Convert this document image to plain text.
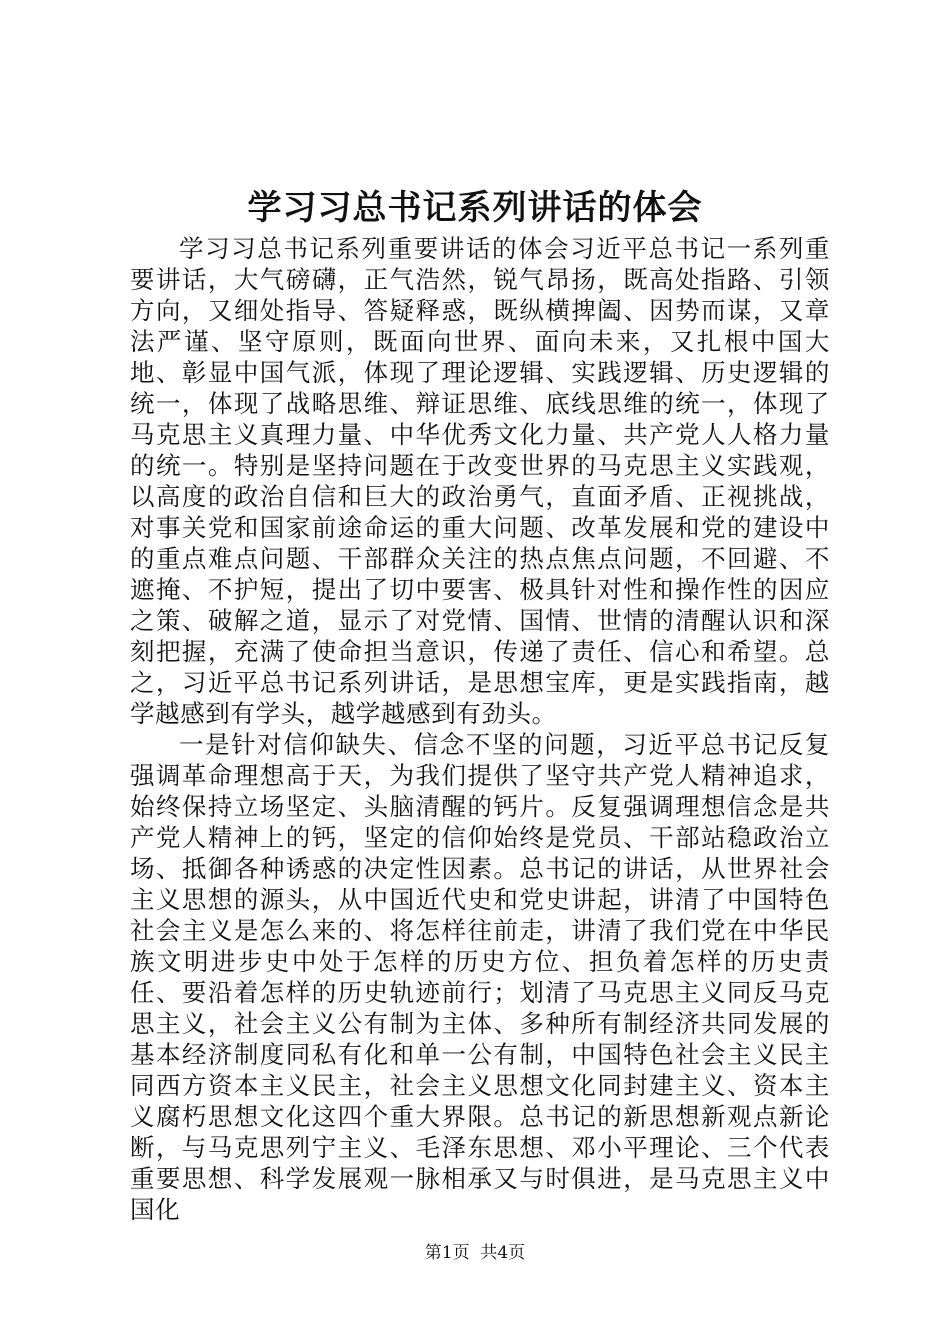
学习习总书记系列讲话的体会

学习习总书记系列重要讲话的体会习近平总书记一系列重要讲话，大气磅礴，正气浩然，锐气昂扬，既高处指路、引领方向，又细处指导、答疑释惑，既纵横捭阖、因势而谋，又章法严谨、坚守原则，既面向世界、面向未来，又扎根中国大地、彰显中国气派，体现了理论逻辑、实践逻辑、历史逻辑的统一，体现了战略思维、辩证思维、底线思维的统一，体现了马克思主义真理力量、中华优秀文化力量、共产党人人格力量的统一。特别是坚持问题在于改变世界的马克思主义实践观，以高度的政治自信和巨大的政治勇气，直面矛盾、正视挑战，对事关党和国家前途命运的重大问题、改革发展和党的建设中的重点难点问题、干部群众关注的热点焦点问题，不回避、不遮掩、不护短，提出了切中要害、极具针对性和操作性的因应之策、破解之道，显示了对党情、国情、世情的清醒认识和深刻把握，充满了使命担当意识，传递了责任、信心和希望。总之，习近平总书记系列讲话，是思想宝库，更是实践指南，越学越感到有学头，越学越感到有劲头。

一是针对信仰缺失、信念不坚的问题，习近平总书记反复强调革命理想高于天，为我们提供了坚守共产党人精神追求，始终保持立场坚定、头脑清醒的钙片。反复强调理想信念是共产党人精神上的钙，坚定的信仰始终是党员、干部站稳政治立场、抵御各种诱惑的决定性因素。总书记的讲话，从世界社会主义思想的源头，从中国近代史和党史讲起，讲清了中国特色社会主义是怎么来的、将怎样往前走，讲清了我们党在中华民族文明进步史中处于怎样的历史方位、担负着怎样的历史责任、要沿着怎样的历史轨迹前行；划清了马克思主义同反马克思主义，社会主义公有制为主体、多种所有制经济共同发展的基本经济制度同私有化和单一公有制，中国特色社会主义民主同西方资本主义民主，社会主义思想文化同封建主义、资本主义腐朽思想文化这四个重大界限。总书记的新思想新观点新论断，与马克思列宁主义、毛泽东思想、邓小平理论、三个代表重要思想、科学发展观一脉相承又与时俱进，是马克思主义中国化

第1页 共4页
